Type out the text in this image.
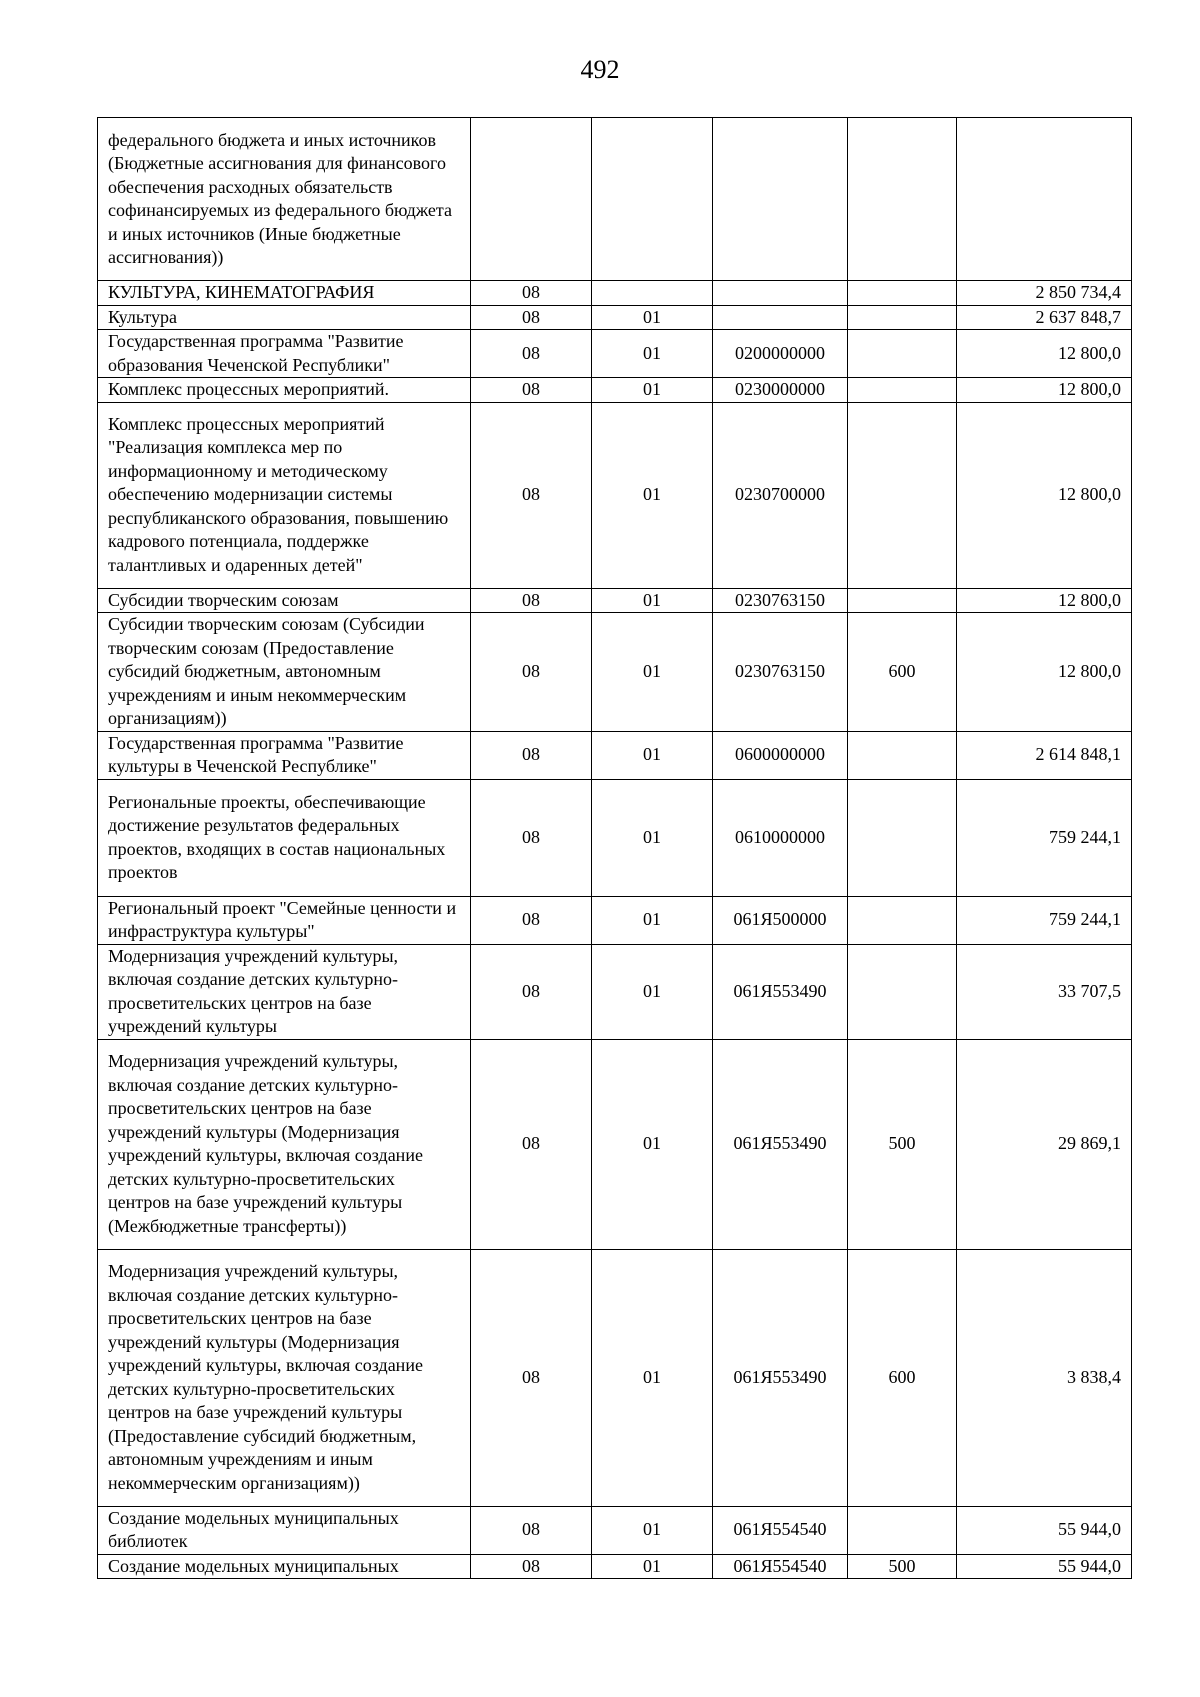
492
федерального бюджета и иных источников (Бюджетные ассигнования для финансового обеспечения расходных обязательств софинансируемых из федерального бюджета и иных источников (Иные бюджетные ассигнования))					
КУЛЬТУРА, КИНЕМАТОГРАФИЯ	08				2 850 734,4
Культура	08	01			2 637 848,7
Государственная программа "Развитие образования Чеченской Республики"	08	01	0200000000		12 800,0
Комплекс процессных мероприятий.	08	01	0230000000		12 800,0
Комплекс процессных мероприятий "Реализация комплекса мер по информационному и методическому обеспечению модернизации системы республиканского образования, повышению кадрового потенциала, поддержке талантливых и одаренных детей"	08	01	0230700000		12 800,0
Субсидии творческим союзам	08	01	0230763150		12 800,0
Субсидии творческим союзам (Субсидии творческим союзам (Предоставление субсидий бюджетным, автономным учреждениям и иным некоммерческим организациям))	08	01	0230763150	600	12 800,0
Государственная программа "Развитие культуры в Чеченской Республике"	08	01	0600000000		2 614 848,1
Региональные проекты, обеспечивающие достижение результатов федеральных проектов, входящих в состав национальных проектов	08	01	0610000000		759 244,1
Региональный проект "Семейные ценности и инфраструктура культуры"	08	01	061Я500000		759 244,1
Модернизация учреждений культуры, включая создание детских культурно-просветительских центров на базе учреждений культуры	08	01	061Я553490		33 707,5
Модернизация учреждений культуры, включая создание детских культурно-просветительских центров на базе учреждений культуры (Модернизация учреждений культуры, включая создание детских культурно-просветительских центров на базе учреждений культуры (Межбюджетные трансферты))	08	01	061Я553490	500	29 869,1
Модернизация учреждений культуры, включая создание детских культурно-просветительских центров на базе учреждений культуры (Модернизация учреждений культуры, включая создание детских культурно-просветительских центров на базе учреждений культуры (Предоставление субсидий бюджетным, автономным учреждениям и иным некоммерческим организациям))	08	01	061Я553490	600	3 838,4
Создание модельных муниципальных библиотек	08	01	061Я554540		55 944,0
Создание модельных муниципальных	08	01	061Я554540	500	55 944,0
